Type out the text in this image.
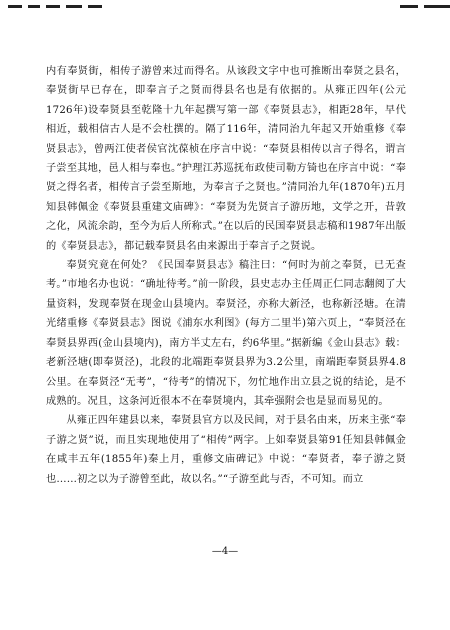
内有奉贤街，相传子游曾来过而得名。从该段文字中也可推断出奉贤之县名，奉贤街早已存在，即奉言子之贤而得县名也是有依据的。从雍正四年(公元1726年)设奉贤县至乾隆十九年起撰写第一部《奉贤县志》，相距28年，早代相近，载相信古人是不会杜撰的。隔了116年，清同治九年起又开始重修《奉贤县志》，曾两江使者侯官沈葆桢在序言中说：“奉贤县相传以言子得名，谓言子尝至其地，邑人相与奉也。”护理江苏巡抚布政使司勒方锜也在序言中说：“奉贤之得名者，相传言子尝至斯地，为奉言子之贤也。”清同治九年(1870年)五月知县韩佩金《奉贤县重建文庙碑》：“奉贤为先贤言子游历地，文学之开，昔敦之化，风流余韵，至今为后人所称式。”在以后的民国奉贤县志稿和1987年出版的《奉贤县志》，都记载奉贤县名由来源出于奉言子之贤说。

奉贤究竟在何处？《民国奉贤县志》稿注曰：“何时为前之奉贤，已无查考。”市地名办也说：“确址待考。”前一阶段，县史志办主任周正仁同志翻阅了大量资料，发现奉贤在现金山县境内。奉贤泾，亦称大新泾，也称新泾塘。在清光绪重修《奉贤县志》图说《浦东水利图》(每方二里半)第六页上，“奉贤泾在奉贤县界西(金山县境内)，南方半丈左右，约6华里。”据新编《金山县志》载：老新泾塘(即奉贤泾)，北段的北端距奉贤县界为3.2公里，南端距奉贤县界4.8公里。在奉贤泾“无考”，“待考”的情况下，勿忙地作出立县之说的结论，是不成熟的。况且，这条河近很本不在奉贤境内，其牵强附会也是显而易见的。

从雍正四年建县以来，奉贤县官方以及民间，对于县名由来，历来主张“奉子游之贤”说，而且实现地使用了“相传”两字。上如奉贤县第91任知县韩佩金在咸丰五年(1855年)秦上月，重修文庙碑记》中说：“奉贤者，奉子游之贤也……初之以为子游曾至此，故以名。”“子游至此与否，不可知。而立

—4—
